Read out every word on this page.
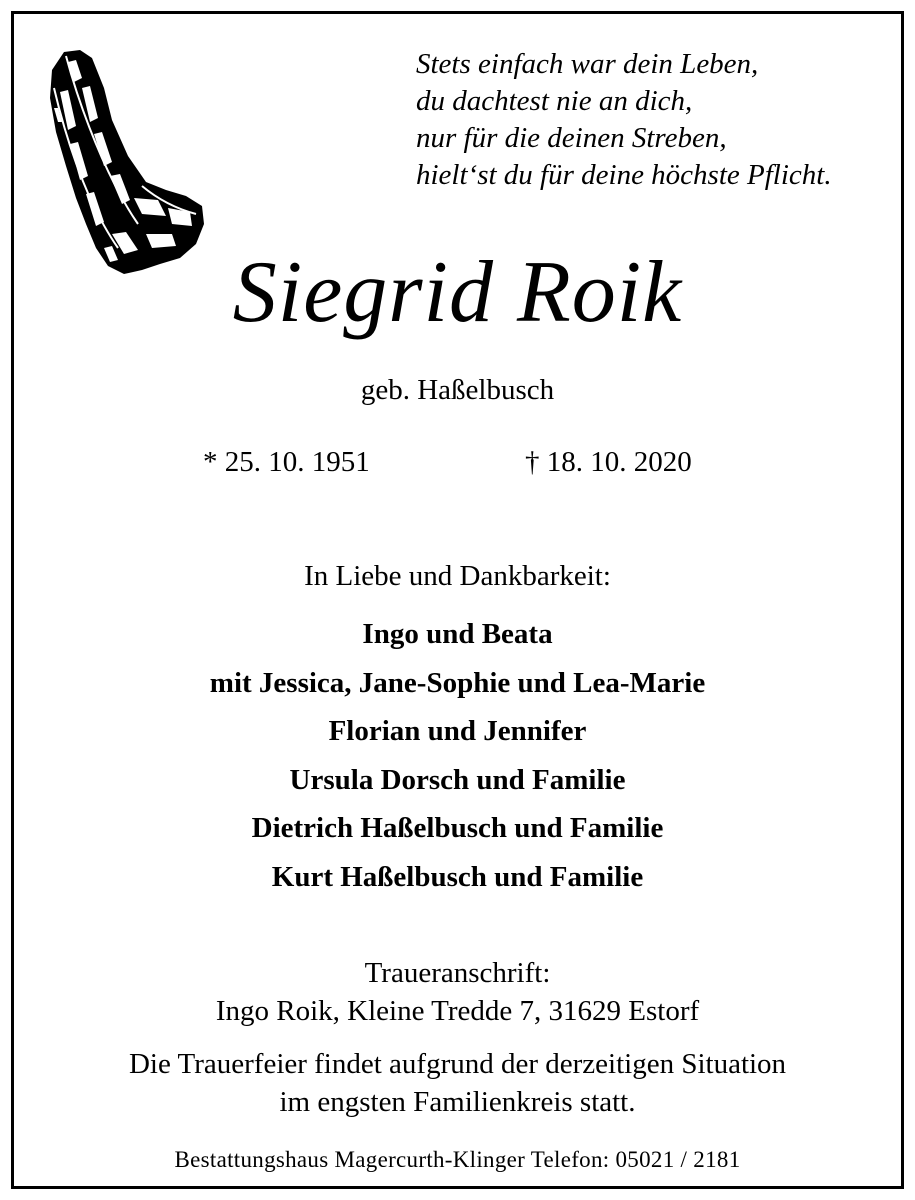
Stets einfach war dein Leben,
du dachtest nie an dich,
nur für die deinen Streben,
hielt‘st du für deine höchste Pflicht.
Siegrid Roik
geb. Haßelbusch
* 25. 10. 1951	† 18. 10. 2020
In Liebe und Dankbarkeit:
Ingo und Beata
mit Jessica, Jane-Sophie und Lea-Marie
Florian und Jennifer
Ursula Dorsch und Familie
Dietrich Haßelbusch und Familie
Kurt Haßelbusch und Familie
Traueranschrift:
Ingo Roik, Kleine Tredde 7, 31629 Estorf
Die Trauerfeier findet aufgrund der derzeitigen Situation
im engsten Familienkreis statt.
Bestattungshaus Magercurth-Klinger Telefon: 05021 / 2181
